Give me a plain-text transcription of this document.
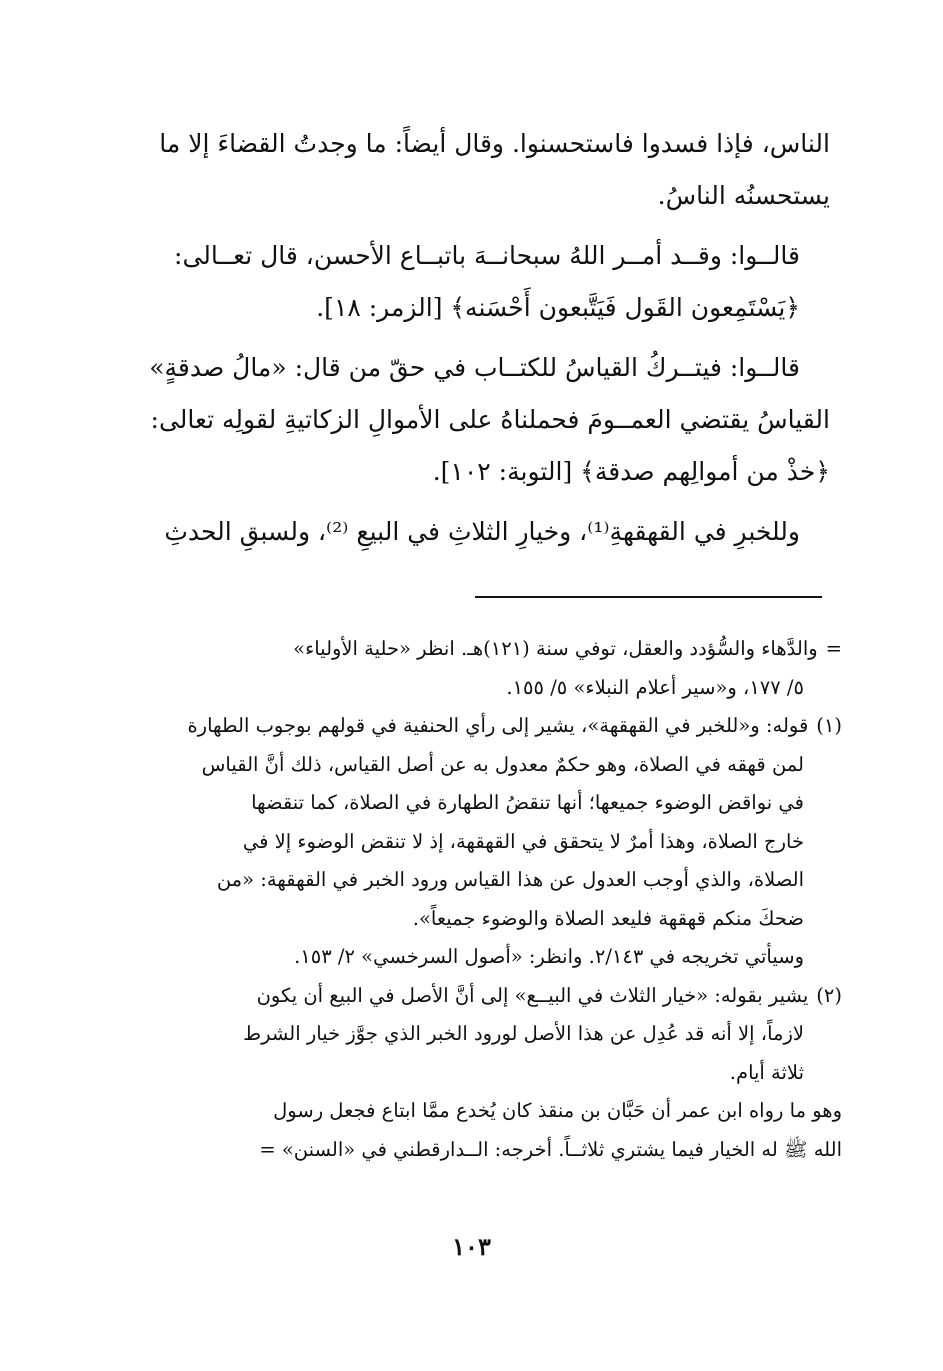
الناس، فإذا فسدوا فاستحسنوا. وقال أيضاً: ما وجدتُ القضاءَ إلا ما

يستحسنُه الناسُ.

قالــوا: وقــد أمــر اللهُ سبحانــهَ باتبــاع الأحسن، قال تعــالى:

﴿يَسْتَمِعون القَول فَيَتَّبعون أَحْسَنه﴾ [الزمر: ١٨].

قالــوا: فيتــركُ القياسُ للكتــاب في حقّ من قال: «مالُ صدقةٍ»

القياسُ يقتضي العمــومَ فحملناهُ على الأموالِ الزكاتيةِ لقولِه تعالى:

﴿خذْ من أموالِهم صدقة﴾ [التوبة: ١٠٢].

وللخبرِ في القهقهةِ⁽¹⁾، وخيارِ الثلاثِ في البيعِ ⁽²⁾، ولسبقِ الحدثِ

=والدَّهاء والسُّؤدد والعقل، توفي سنة (١٢١)هـ. انظر «حلية الأولياء»

٥/ ١٧٧، و«سير أعلام النبلاء» ٥/ ١٥٥.

(١)قوله: و«للخبر في القهقهة»، يشير إلى رأي الحنفية في قولهم بوجوب الطهارة

لمن قهقه في الصلاة، وهو حكمٌ معدول به عن أصل القياس، ذلك أنَّ القياس

في نواقض الوضوء جميعها؛ أنها تنقضُ الطهارة في الصلاة، كما تنقضها

خارج الصلاة، وهذا أمرٌ لا يتحقق في القهقهة، إذ لا تنقض الوضوء إلا في

الصلاة، والذي أوجب العدول عن هذا القياس ورود الخبر في القهقهة: «من

ضحكَ منكم قهقهة فليعد الصلاة والوضوء جميعاً».

وسيأتي تخريجه في ٢/١٤٣. وانظر: «أصول السرخسي» ٢/ ١٥٣.

(٢)يشير بقوله: «خيار الثلاث في البيــع» إلى أنَّ الأصل في البيع أن يكون

لازماً، إلا أنه قد عُدِل عن هذا الأصل لورود الخبر الذي جوَّز خيار الشرط

ثلاثة أيام.

وهو ما رواه ابن عمر أن حَبَّان بن منقذ كان يُخدع ممَّا ابتاع فجعل رسول

الله ﷺ له الخيار فيما يشتري ثلاثــاً. أخرجه: الــدارقطني في «السنن» =

١٠٣
